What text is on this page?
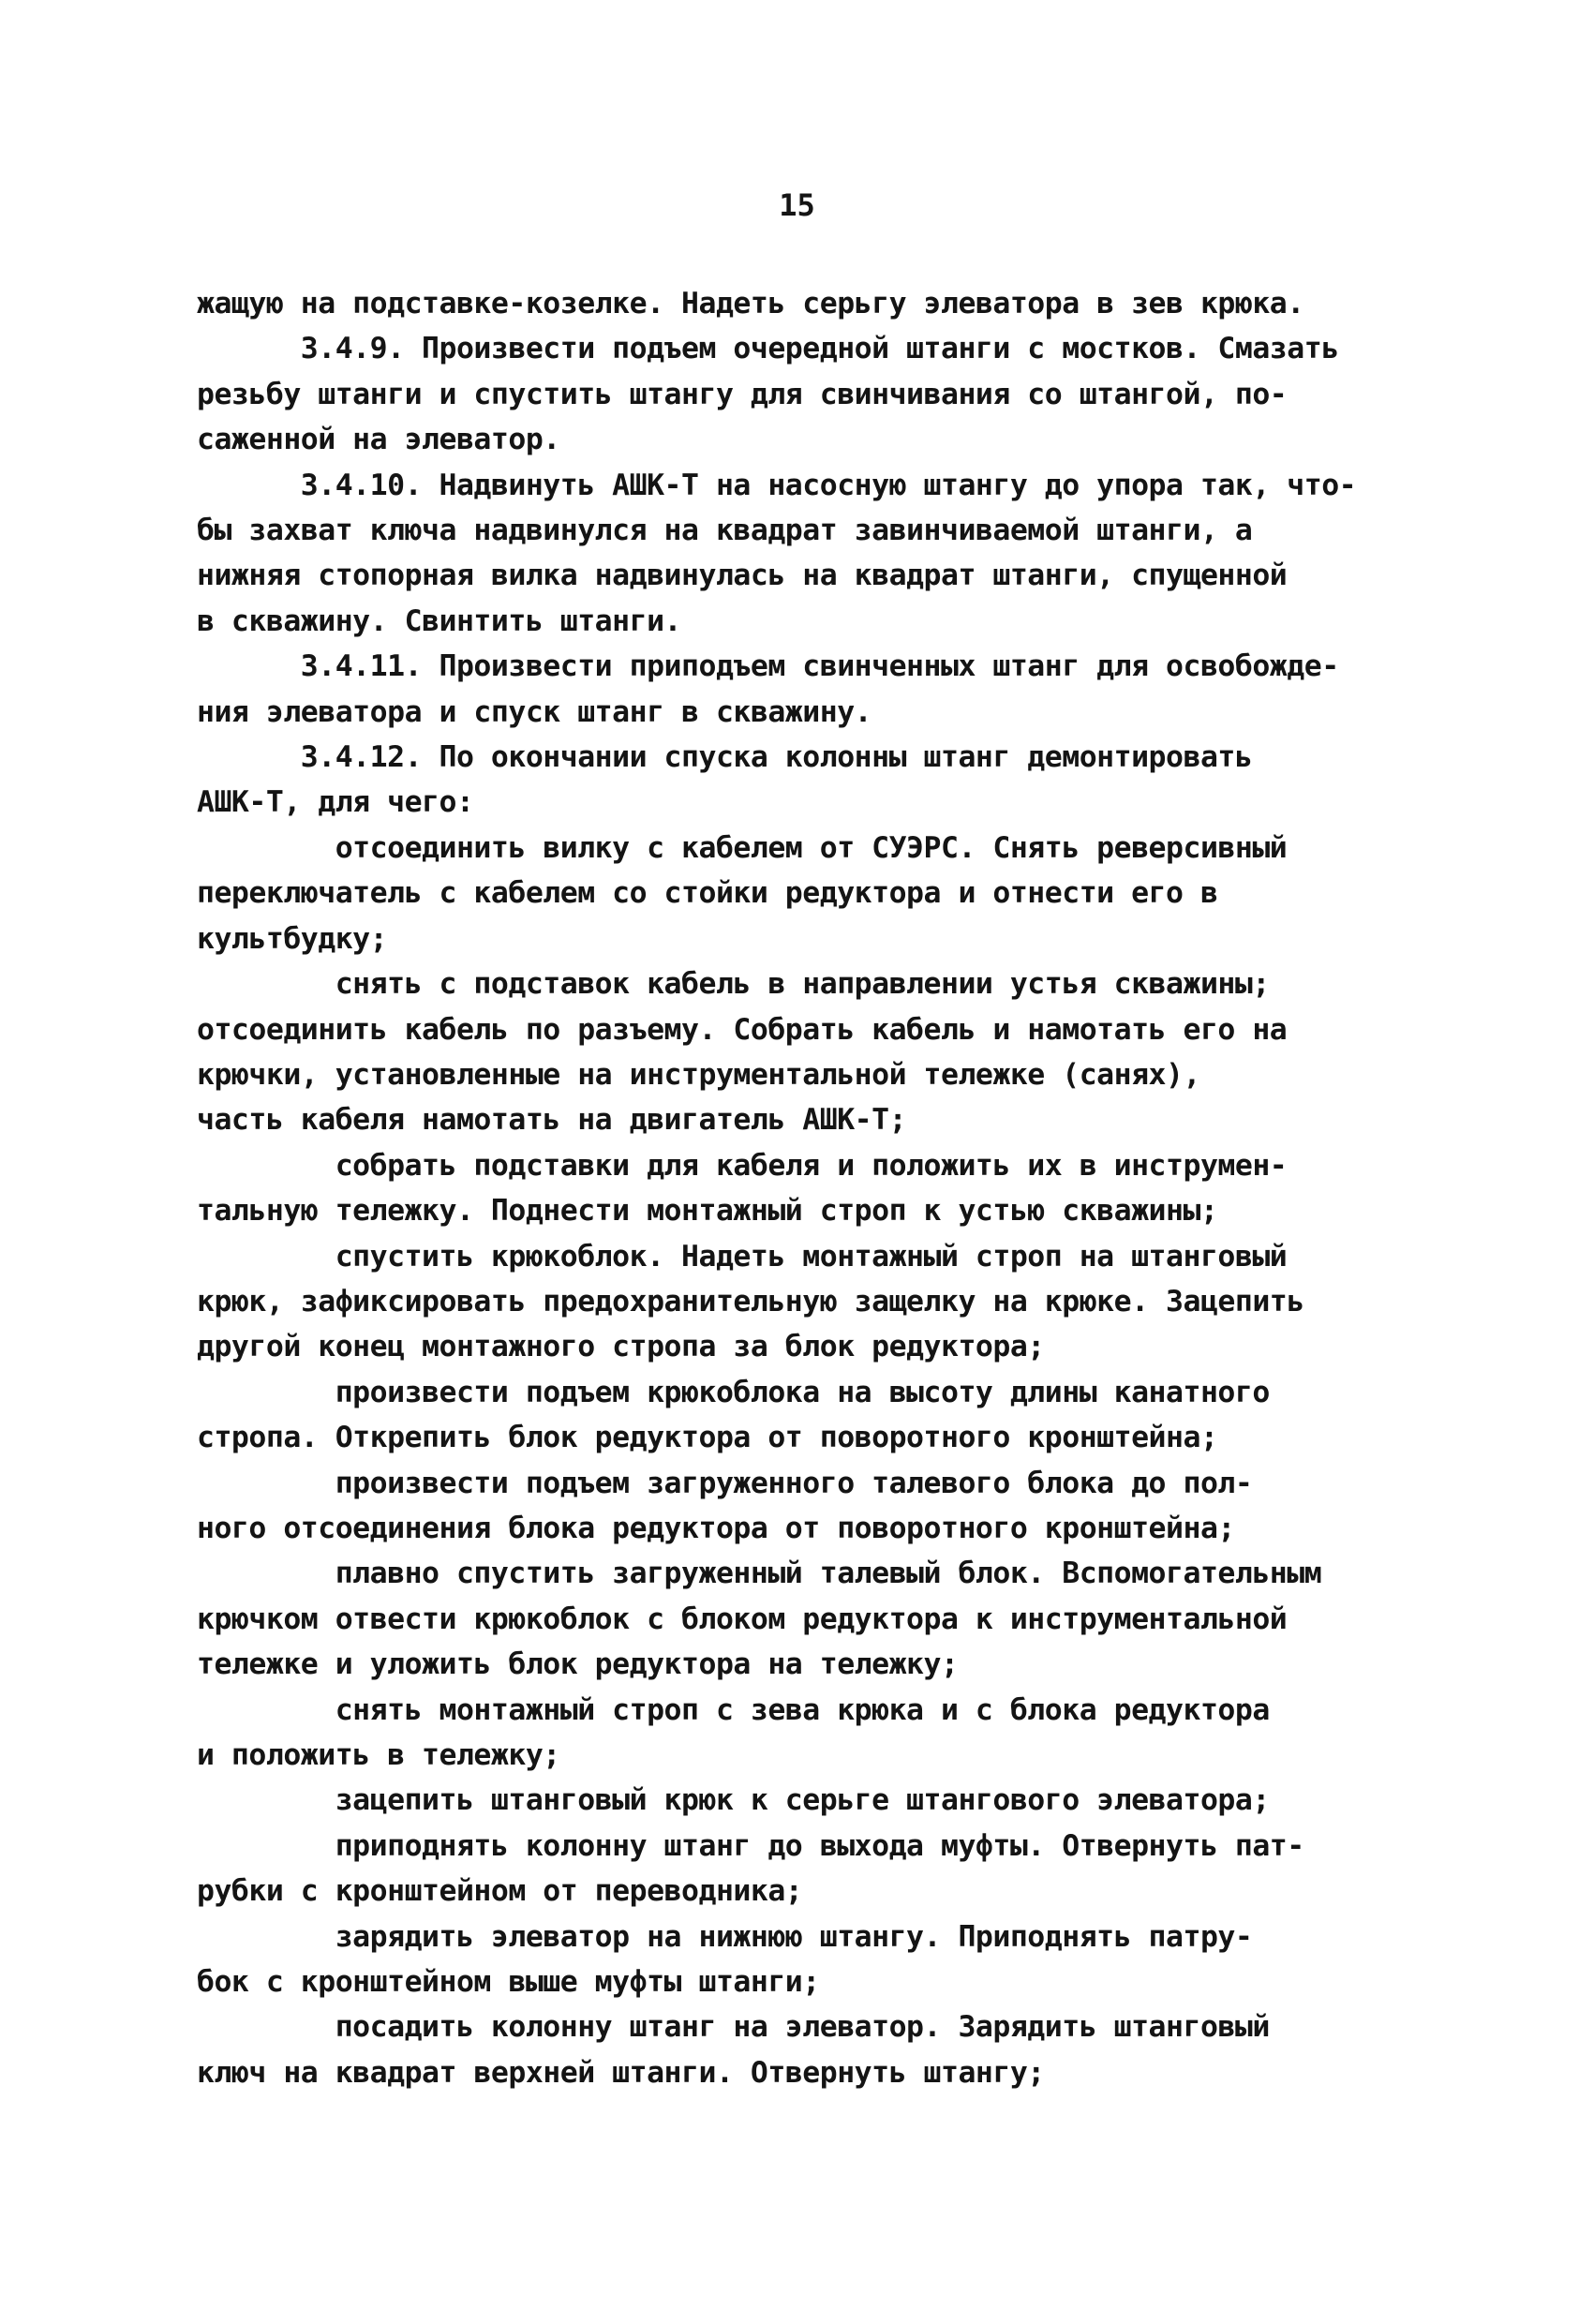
15

жащую на подставке-козелке. Надеть серьгу элеватора в зев крюка.

3.4.9. Произвести подъем очередной штанги с мостков. Смазать

резьбу штанги и спустить штангу для свинчивания со штангой, по-

саженной на элеватор.

3.4.10. Надвинуть АШК-Т на насосную штангу до упора так, что-

бы захват ключа надвинулся на квадрат завинчиваемой штанги, а

нижняя стопорная вилка надвинулась на квадрат штанги, спущенной

в скважину. Свинтить штанги.

3.4.11. Произвести приподъем свинченных штанг для освобожде-

ния элеватора и спуск штанг в скважину.

3.4.12. По окончании спуска колонны штанг демонтировать

АШК-Т, для чего:

отсоединить вилку с кабелем от СУЭРС. Снять реверсивный

переключатель с кабелем со стойки редуктора и отнести его в

культбудку;

снять с подставок кабель в направлении устья скважины;

отсоединить кабель по разъему. Собрать кабель и намотать его на

крючки, установленные на инструментальной тележке (санях),

часть кабеля намотать на двигатель АШК-Т;

собрать подставки для кабеля и положить их в инструмен-

тальную тележку. Поднести монтажный строп к устью скважины;

спустить крюкоблок. Надеть монтажный строп на штанговый

крюк, зафиксировать предохранительную защелку на крюке. Зацепить

другой конец монтажного стропа за блок редуктора;

произвести подъем крюкоблока на высоту длины канатного

стропа. Открепить блок редуктора от поворотного кронштейна;

произвести подъем загруженного талевого блока до пол-

ного отсоединения блока редуктора от поворотного кронштейна;

плавно спустить загруженный талевый блок. Вспомогательным

крючком отвести крюкоблок с блоком редуктора к инструментальной

тележке и уложить блок редуктора на тележку;

снять монтажный строп с зева крюка и с блока редуктора

и положить в тележку;

зацепить штанговый крюк к серьге штангового элеватора;

приподнять колонну штанг до выхода муфты. Отвернуть пат-

рубки с кронштейном от переводника;

зарядить элеватор на нижнюю штангу. Приподнять патру-

бок с кронштейном выше муфты штанги;

посадить колонну штанг на элеватор. Зарядить штанговый

ключ на квадрат верхней штанги. Отвернуть штангу;
